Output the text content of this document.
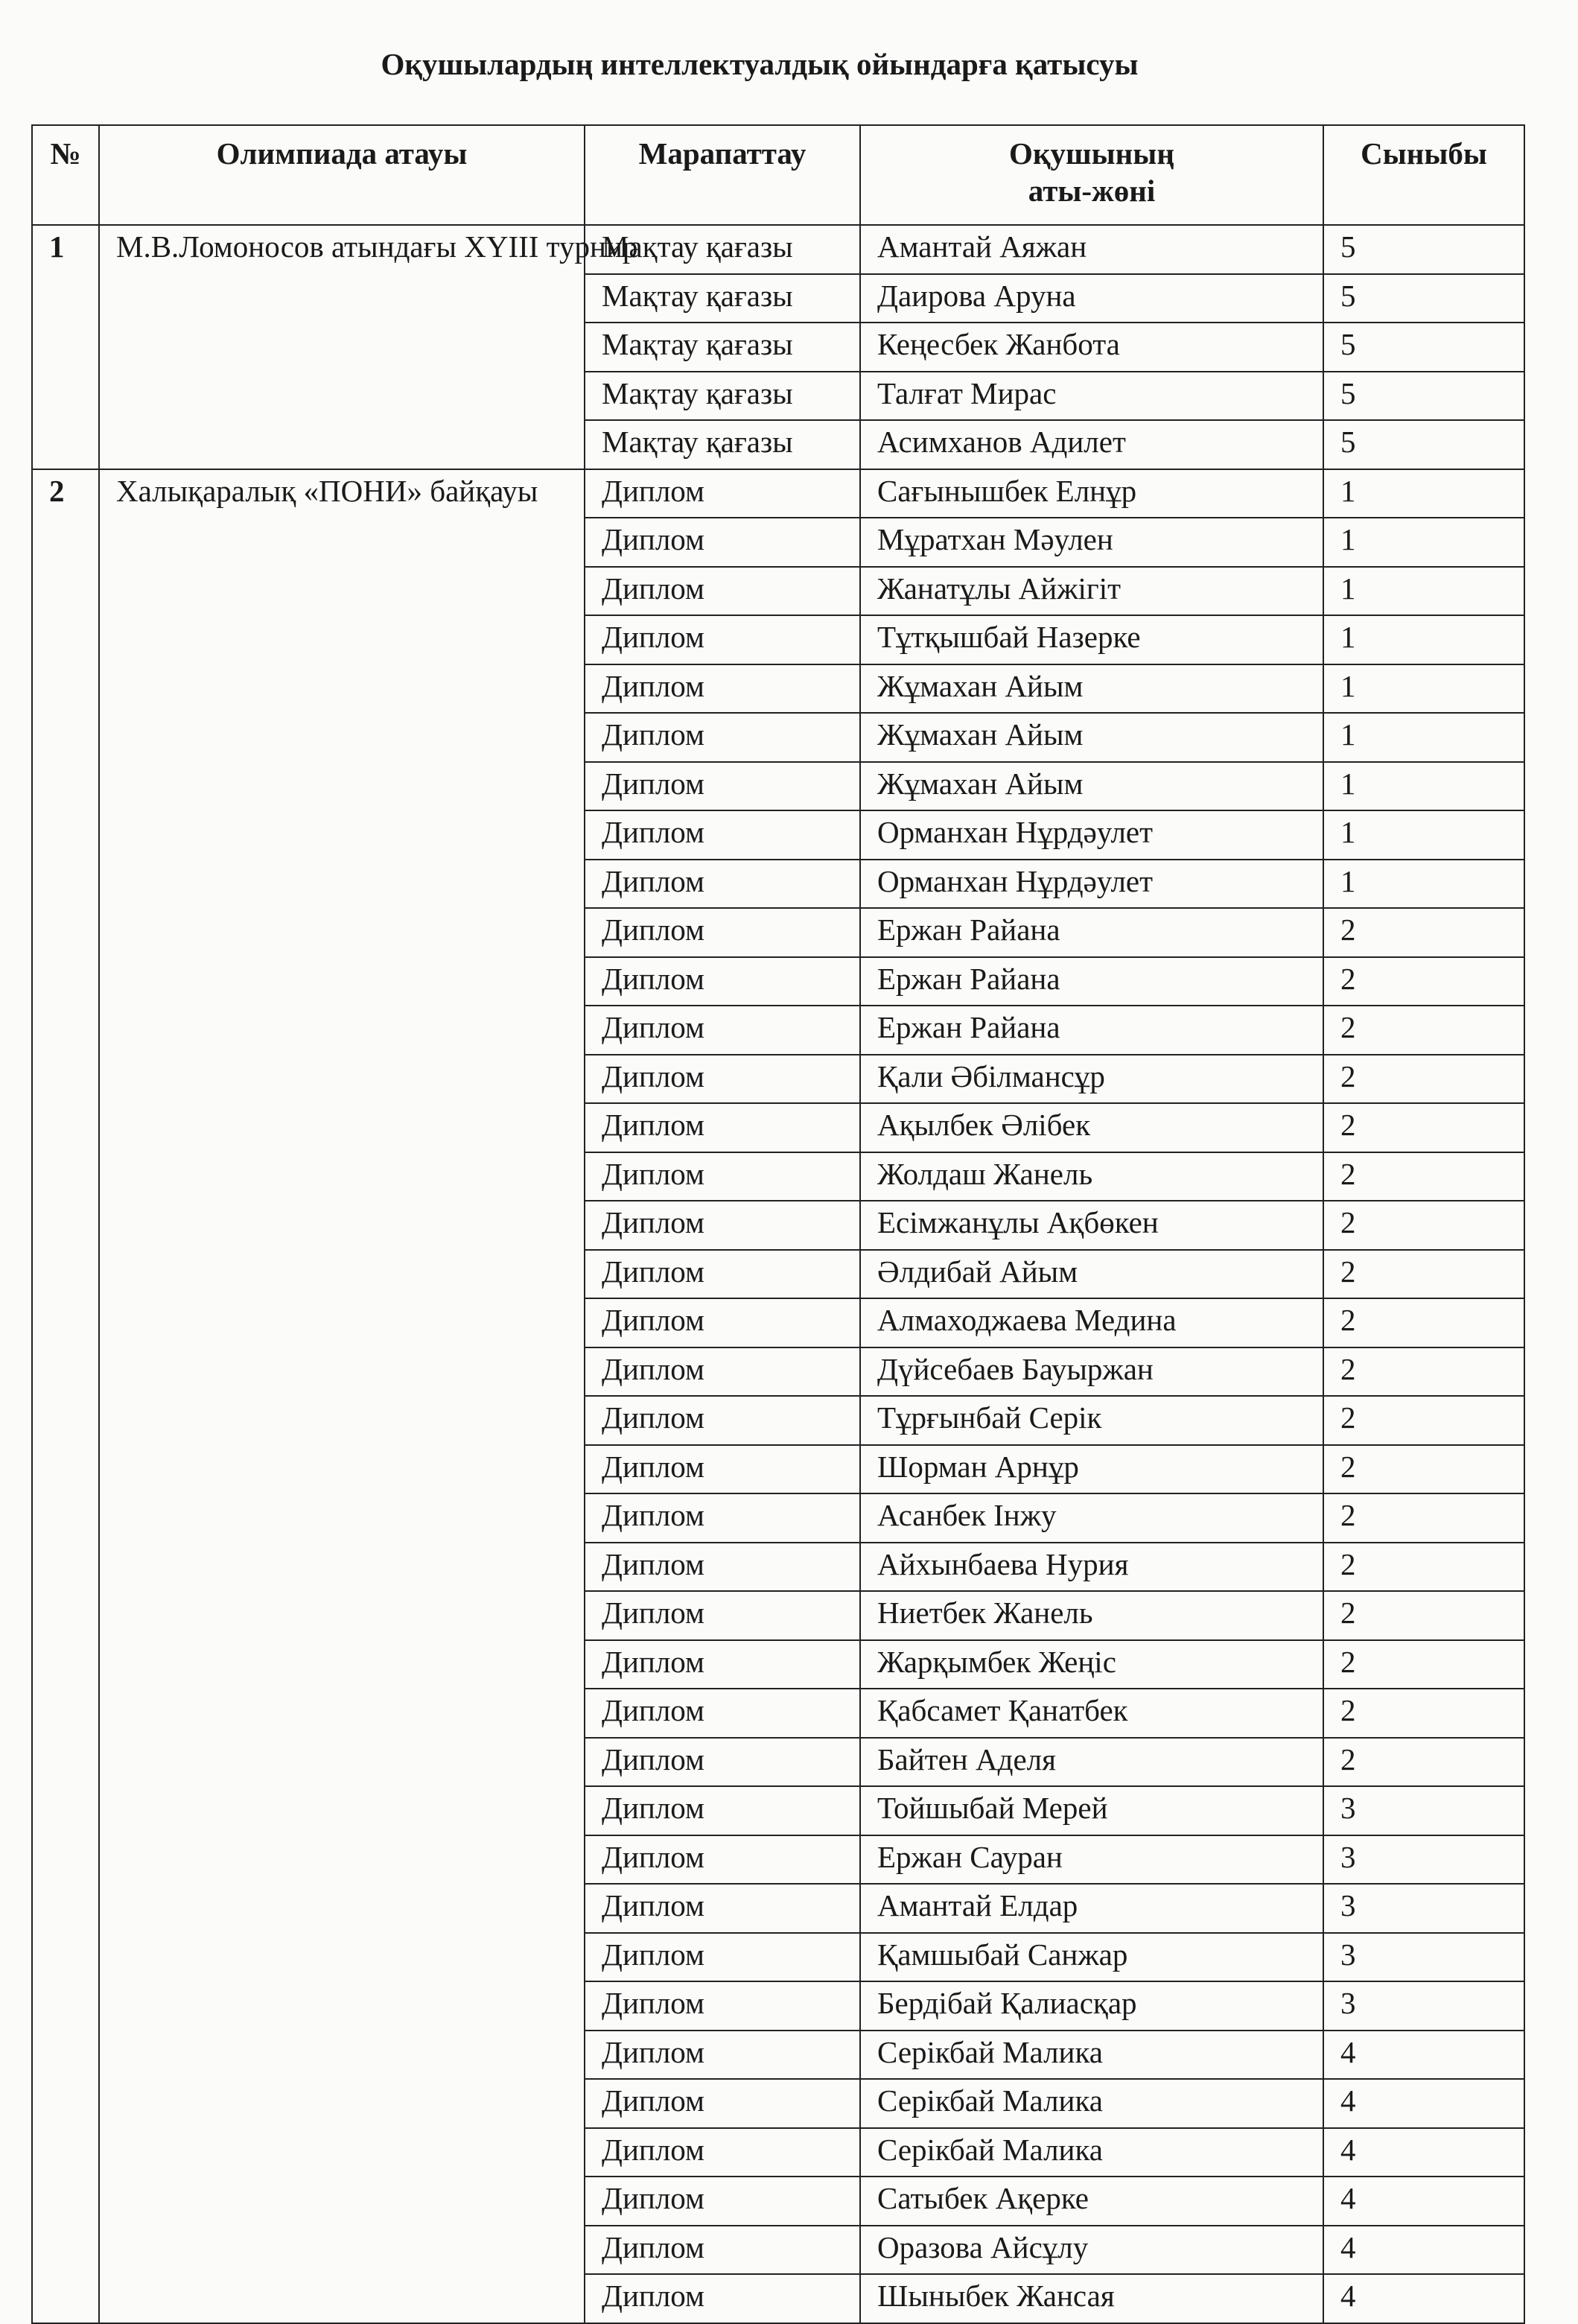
Оқушылардың интеллектуалдық ойындарға қатысуы
№	Олимпиада атауы	Марапаттау	Оқушының аты-жөні	Сыныбы
1	М.В.Ломоносов атындағы XYIII турнир	Мақтау қағазы	Амантай Аяжан	5
		Мақтау қағазы	Даирова Аруна	5
		Мақтау қағазы	Кеңесбек Жанбота	5
		Мақтау қағазы	Талғат Мирас	5
		Мақтау қағазы	Асимханов Адилет	5
2	Халықаралық «ПОНИ» байқауы	Диплом	Сағынышбек Елнұр	1
		Диплом	Мұратхан Мәулен	1
		Диплом	Жанатұлы Айжігіт	1
		Диплом	Тұтқышбай Назерке	1
		Диплом	Жұмахан Айым	1
		Диплом	Жұмахан Айым	1
		Диплом	Жұмахан Айым	1
		Диплом	Орманхан Нұрдәулет	1
		Диплом	Орманхан Нұрдәулет	1
		Диплом	Ержан Райана	2
		Диплом	Ержан Райана	2
		Диплом	Ержан Райана	2
		Диплом	Қали Әбілмансұр	2
		Диплом	Ақылбек Әлібек	2
		Диплом	Жолдаш Жанель	2
		Диплом	Есімжанұлы Ақбөкен	2
		Диплом	Әлдибай Айым	2
		Диплом	Алмаходжаева Медина	2
		Диплом	Дүйсебаев Бауыржан	2
		Диплом	Тұрғынбай Серік	2
		Диплом	Шорман Арнұр	2
		Диплом	Асанбек Інжу	2
		Диплом	Айхынбаева Нурия	2
		Диплом	Ниетбек Жанель	2
		Диплом	Жарқымбек Жеңіс	2
		Диплом	Қабсамет Қанатбек	2
		Диплом	Байтен Аделя	2
		Диплом	Тойшыбай Мерей	3
		Диплом	Ержан Сауран	3
		Диплом	Амантай Елдар	3
		Диплом	Қамшыбай Санжар	3
		Диплом	Бердібай Қалиасқар	3
		Диплом	Серікбай Малика	4
		Диплом	Серікбай Малика	4
		Диплом	Серікбай Малика	4
		Диплом	Сатыбек Ақерке	4
		Диплом	Оразова Айсұлу	4
		Диплом	Шыныбек Жансая	4
